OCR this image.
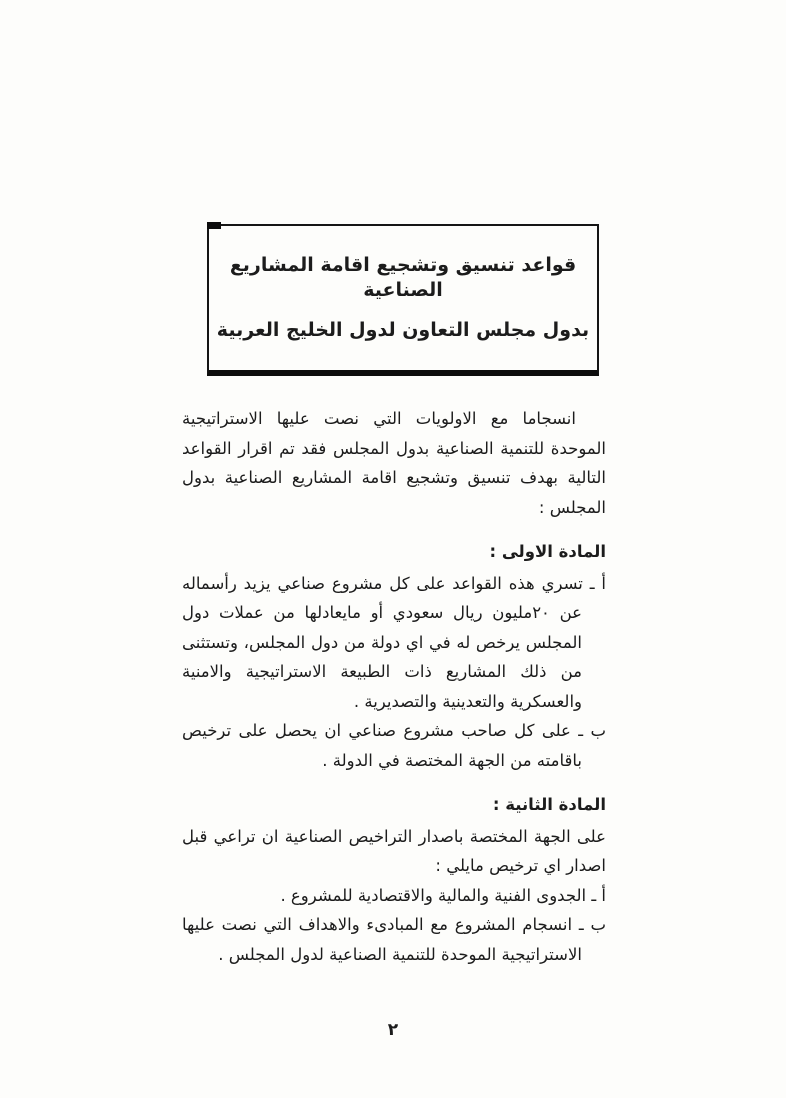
قواعد تنسيق وتشجيع اقامة المشاريع الصناعية
بدول مجلس التعاون لدول الخليج العربية

انسجاما مع الاولويات التي نصت عليها الاستراتيجية الموحدة للتنمية الصناعية بدول المجلس فقد تم اقرار القواعد التالية بهدف تنسيق وتشجيع اقامة المشاريع الصناعية بدول المجلس :

المادة الاولى :

أ ـ تسري هذه القواعد على كل مشروع صناعي يزيد رأسماله عن ٢٠مليون ريال سعودي أو مايعادلها من عملات دول المجلس يرخص له في اي دولة من دول المجلس، وتستثنى من ذلك المشاريع ذات الطبيعة الاستراتيجية والامنية والعسكرية والتعدينية والتصديرية .

ب ـ على كل صاحب مشروع صناعي ان يحصل على ترخيص باقامته من الجهة المختصة في الدولة .

المادة الثانية :

على الجهة المختصة باصدار التراخيص الصناعية ان تراعي قبل اصدار اي ترخيص مايلي :

أ ـ الجدوى الفنية والمالية والاقتصادية للمشروع .

ب ـ انسجام المشروع مع المبادىء والاهداف التي نصت عليها الاستراتيجية الموحدة للتنمية الصناعية لدول المجلس .

٢
